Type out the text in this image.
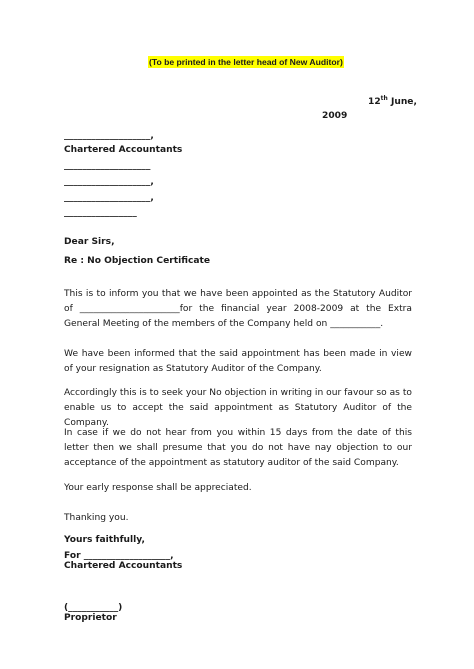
(To be printed in the letter head of New Auditor)
12th June,
2009
___________________,
Chartered Accountants
___________________
___________________,
___________________,
________________
Dear Sirs,
Re : No Objection Certificate

This is to inform you that we have been appointed as the Statutory Auditor of ______________________for the financial year 2008-2009 at the Extra General Meeting of the members of the Company held on ___________.

We have been informed that the said appointment has been made in view of your resignation as Statutory Auditor of the Company.

Accordingly this is to seek your No objection in writing in our favour so as to enable us to accept the said appointment as Statutory Auditor of the Company.

In case if we do not hear from you within 15 days from the date of this letter then we shall presume that you do not have nay objection to our acceptance of the appointment as statutory auditor of the said Company.

Your early response shall be appreciated.

Thanking you.
Yours faithfully,
For ___________________,
Chartered Accountants
(___________)
Proprietor
